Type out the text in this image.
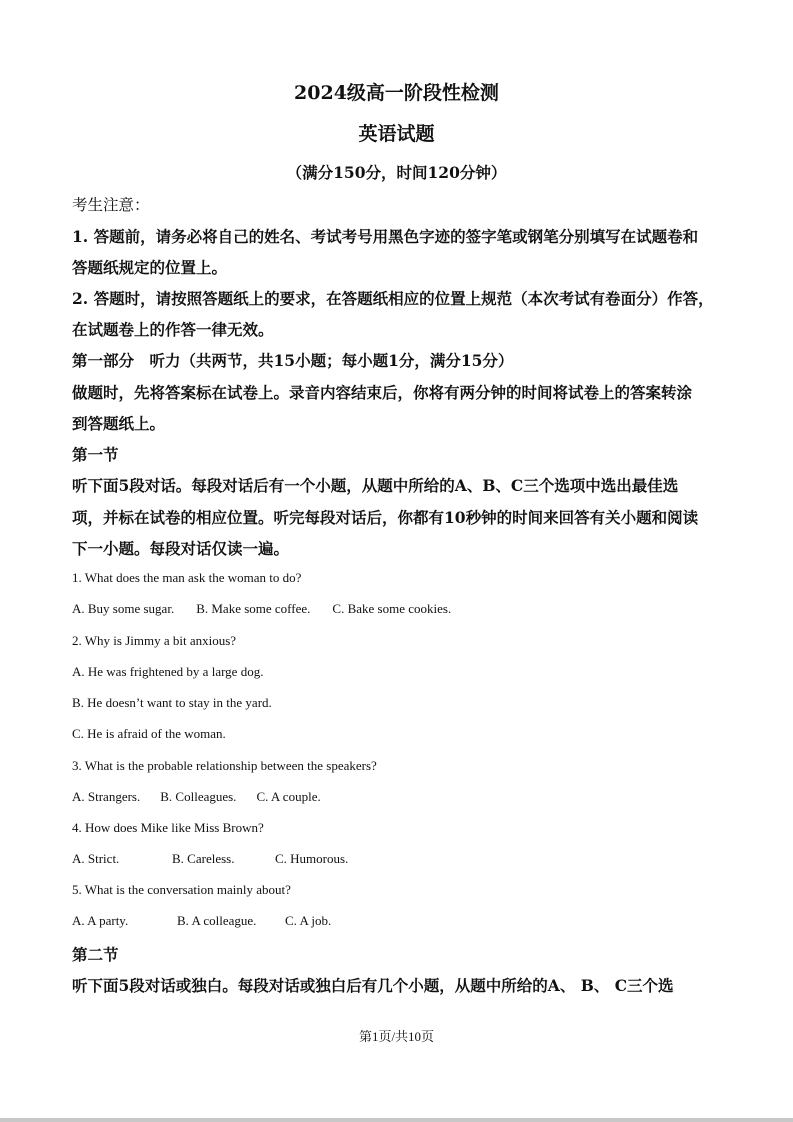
2024级高一阶段性检测
英语试题
（满分150分，时间120分钟）
考生注意：
1. 答题前，请务必将自己的姓名、考试考号用黑色字迹的签字笔或钢笔分别填写在试题卷和
答题纸规定的位置上。
2. 答题时，请按照答题纸上的要求，在答题纸相应的位置上规范（本次考试有卷面分）作答，
在试题卷上的作答一律无效。
第一部分　听力（共两节，共15小题；每小题1分，满分15分）
做题时，先将答案标在试卷上。录音内容结束后，你将有两分钟的时间将试卷上的答案转涂
到答题纸上。
第一节
听下面5段对话。每段对话后有一个小题，从题中所给的A、B、C三个选项中选出最佳选
项，并标在试卷的相应位置。听完每段对话后，你都有10秒钟的时间来回答有关小题和阅读
下一小题。每段对话仅读一遍。
1. What does the man ask the woman to do?
A. Buy some sugar. B. Make some coffee. C. Bake some cookies.
2. Why is Jimmy a bit anxious?
A. He was frightened by a large dog.
B. He doesn’t want to stay in the yard.
C. He is afraid of the woman.
3. What is the probable relationship between the speakers?
A. Strangers. B. Colleagues. C. A couple.
4. How does Mike like Miss Brown?
A. Strict.	B. Careless.	C. Humorous.
5. What is the conversation mainly about?
A. A party.	B. A colleague. C. A job.
第二节
听下面5段对话或独白。每段对话或独白后有几个小题，从题中所给的A、 B、 C三个选
第1页/共10页
